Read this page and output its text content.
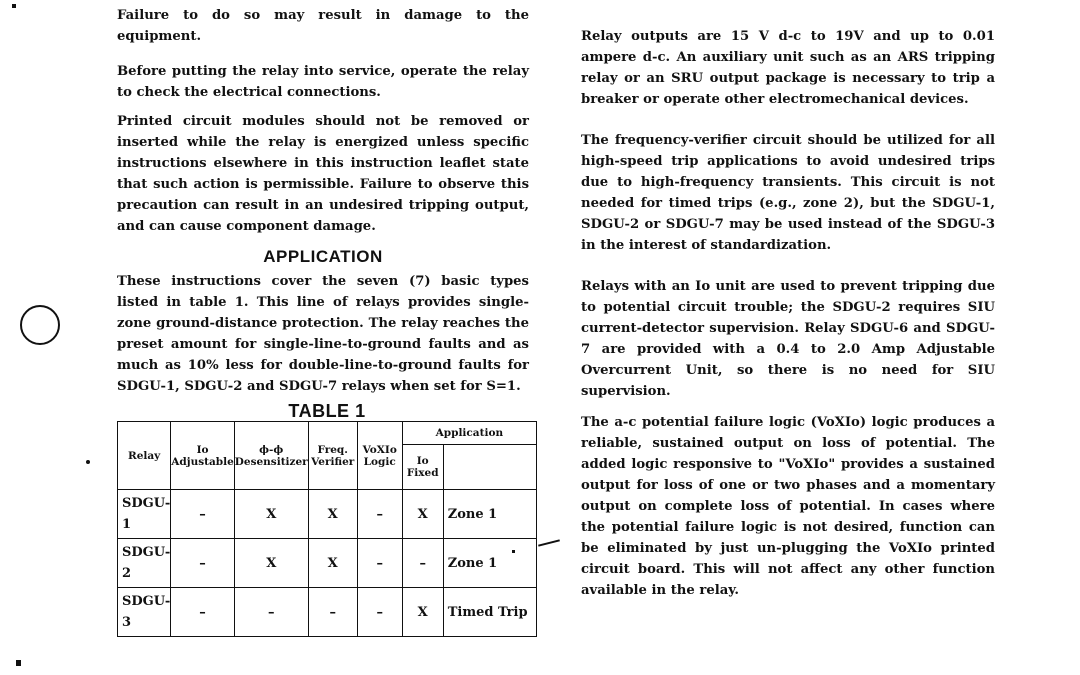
Failure to do so may result in damage to the equipment.

Before putting the relay into service, operate the relay to check the electrical connections.

Printed circuit modules should not be removed or inserted while the relay is energized unless specific instructions elsewhere in this instruction leaflet state that such action is permissible. Failure to observe this precaution can result in an undesired tripping output, and can cause component damage.

APPLICATION

These instructions cover the seven (7) basic types listed in table 1. This line of relays provides single-zone ground-distance protection. The relay reaches the preset amount for single-line-to-ground faults and as much as 10% less for double-line-to-ground faults for SDGU-1, SDGU-2 and SDGU-7 relays when set for S=1.

TABLE 1
Relay	Io Adjustable	ϕ-ϕ Desensitizer	Freq. Verifier	VoXIo Logic	Application	
					Io Fixed	
SDGU-1	–	X	X	–	X	Zone 1
SDGU-2	–	X	X	–	–	Zone 1
SDGU-3	–	–	–	–	X	Timed Trip

Relay outputs are 15 V d-c to 19V and up to 0.01 ampere d-c. An auxiliary unit such as an ARS tripping relay or an SRU output package is necessary to trip a breaker or operate other electromechanical devices.

The frequency-verifier circuit should be utilized for all high-speed trip applications to avoid undesired trips due to high-frequency transients. This circuit is not needed for timed trips (e.g., zone 2), but the SDGU-1, SDGU-2 or SDGU-7 may be used instead of the SDGU-3 in the interest of standardization.

Relays with an Io unit are used to prevent tripping due to potential circuit trouble; the SDGU-2 requires SIU current-detector supervision. Relay SDGU-6 and SDGU-7 are provided with a 0.4 to 2.0 Amp Adjustable Overcurrent Unit, so there is no need for SIU supervision.

The a-c potential failure logic (VoXIo) logic produces a reliable, sustained output on loss of potential. The added logic responsive to "VoXIo" provides a sustained output for loss of one or two phases and a momentary output on complete loss of potential. In cases where the potential failure logic is not desired, function can be eliminated by just un-plugging the VoXIo printed circuit board. This will not affect any other function available in the relay.
